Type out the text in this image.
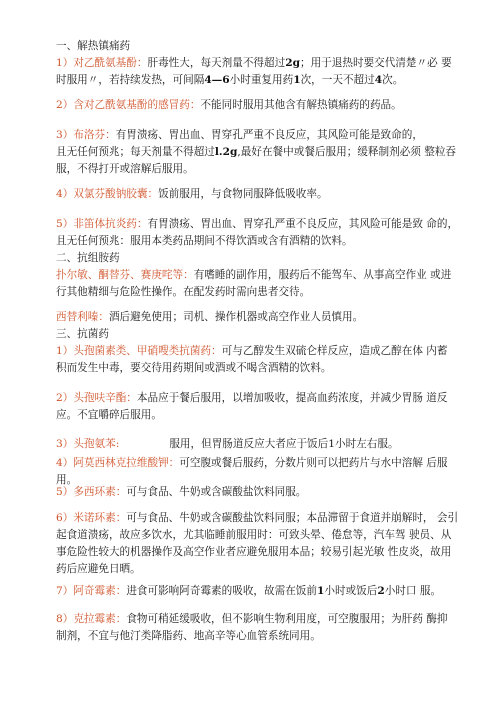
一、解热镇痛药
1）对乙酰氨基酚：肝毒性大，每天剂量不得超过2g；用于退热时要交代清楚〃必 要
时服用〃，若持续发热，可间隔4—6小时重复用药1次，一天不超过4次。
2）含对乙酰氨基酚的感冒药：不能同时服用其他含有解热镇痛药的药品。
3）布洛芬：有胃溃疡、胃出血、胃穿孔严重不良反应，其风险可能是致命的，
且无任何预兆；每天剂量不得超过l.2g,最好在餐中或餐后服用；缓释制剂必须 整粒吞
服，不得打开或溶解后服用。
4）双氯芬酸钠胶囊：饭前服用，与食物同服降低吸收率。
5）非笛体抗炎药：有胃溃疡、胃出血、胃穿孔严重不良反应，其风险可能是致 命的，
且无任何预兆：服用本类药品期间不得饮酒或含有酒精的饮料。
二、抗组胺药
扑尔敏、酮替芬、赛庚咤等：有嗜睡的副作用，服药后不能驾车、从事高空作业 或进
行其他精细与危险性操作。在配发药时需向患者交待。
西替利嗪：酒后避免使用；司机、操作机器或高空作业人员慎用。
三、抗菌药
1）头孢菌素类、甲硝嗖类抗菌药：可与乙醇发生双硫仑样反应，造成乙醇在体 内蓄
积而发生中毒，要交待用药期间或酒或不喝含酒精的饮料。
2）头孢呋辛酯：本品应于餐后服用，以增加吸收，提高血药浓度，并减少胃肠 道反
应。不宜嚼碎后服用。
3）头孢氨苯:	服用，但胃肠道反应大者应于饭后1小时左右服。
4）阿莫西林克拉维酸钾：可空腹或餐后服药，分数片则可以把药片与水中溶解 后服
用。
5）多西环素：可与食品、牛奶或含碳酸盐饮料同服。
6）米诺环素：可与食品、牛奶或含碳酸盐饮料同服；本品滞留于食道并崩解时， 会引
起食道溃疡，故应多饮水，尤其临睡前服用时：可致头晕、倦怠等，汽车驾 驶员、从
事危险性较大的机器操作及高空作业者应避免服用本品；较易引起光敏 性皮炎，故用
药后应避免日晒。
7）阿奇霉素：进食可影响阿奇霉素的吸收，故需在饭前1小时或饭后2小时口 服。
8）克拉霉素：食物可稍延缓吸收，但不影响生物利用度，可空腹服用；为肝药 酶抑
制剂，不宜与他汀类降脂药、地高辛等心血管系统同用。
